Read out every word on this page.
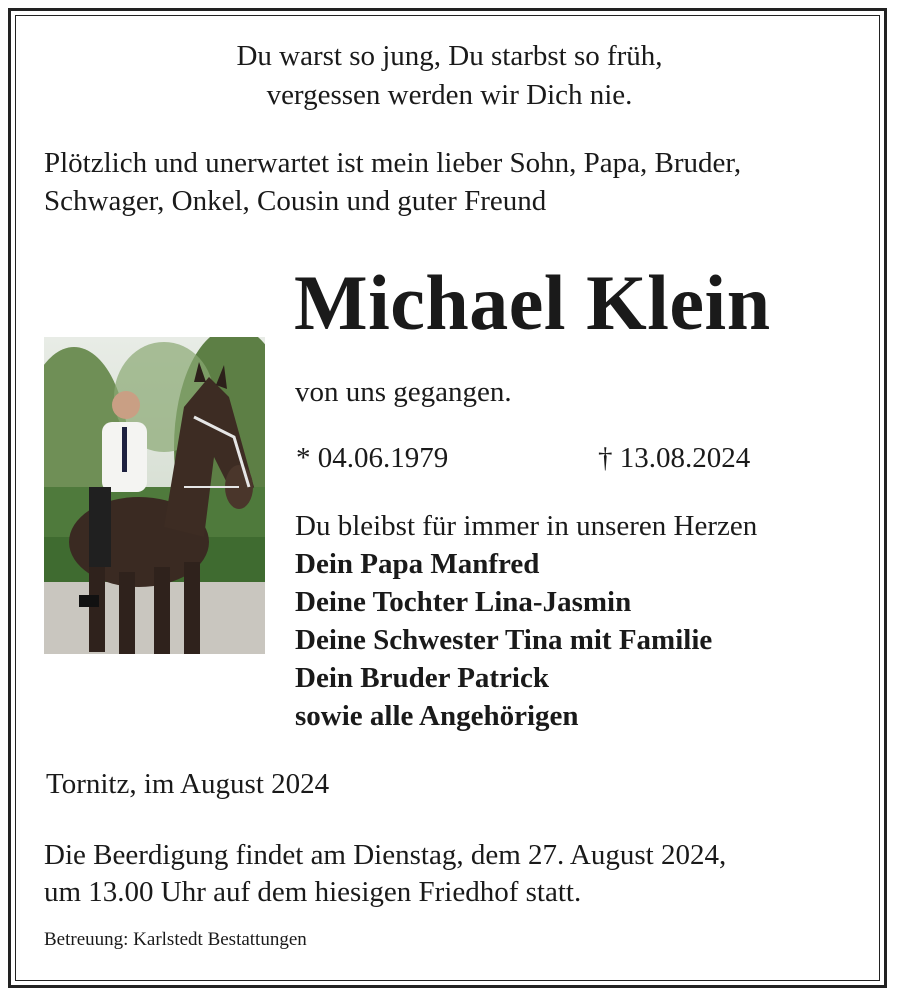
Du warst so jung, Du starbst so früh,
vergessen werden wir Dich nie.
Plötzlich und unerwartet ist mein lieber Sohn, Papa, Bruder,
Schwager, Onkel, Cousin und guter Freund
Michael Klein
von uns gegangen.
* 04.06.1979	† 13.08.2024
Du bleibst für immer in unseren Herzen
Dein Papa Manfred
Deine Tochter Lina-Jasmin
Deine Schwester Tina mit Familie
Dein Bruder Patrick
sowie alle Angehörigen
Tornitz, im August 2024
Die Beerdigung findet am Dienstag, dem 27. August 2024,
um 13.00 Uhr auf dem hiesigen Friedhof statt.
Betreuung: Karlstedt Bestattungen
